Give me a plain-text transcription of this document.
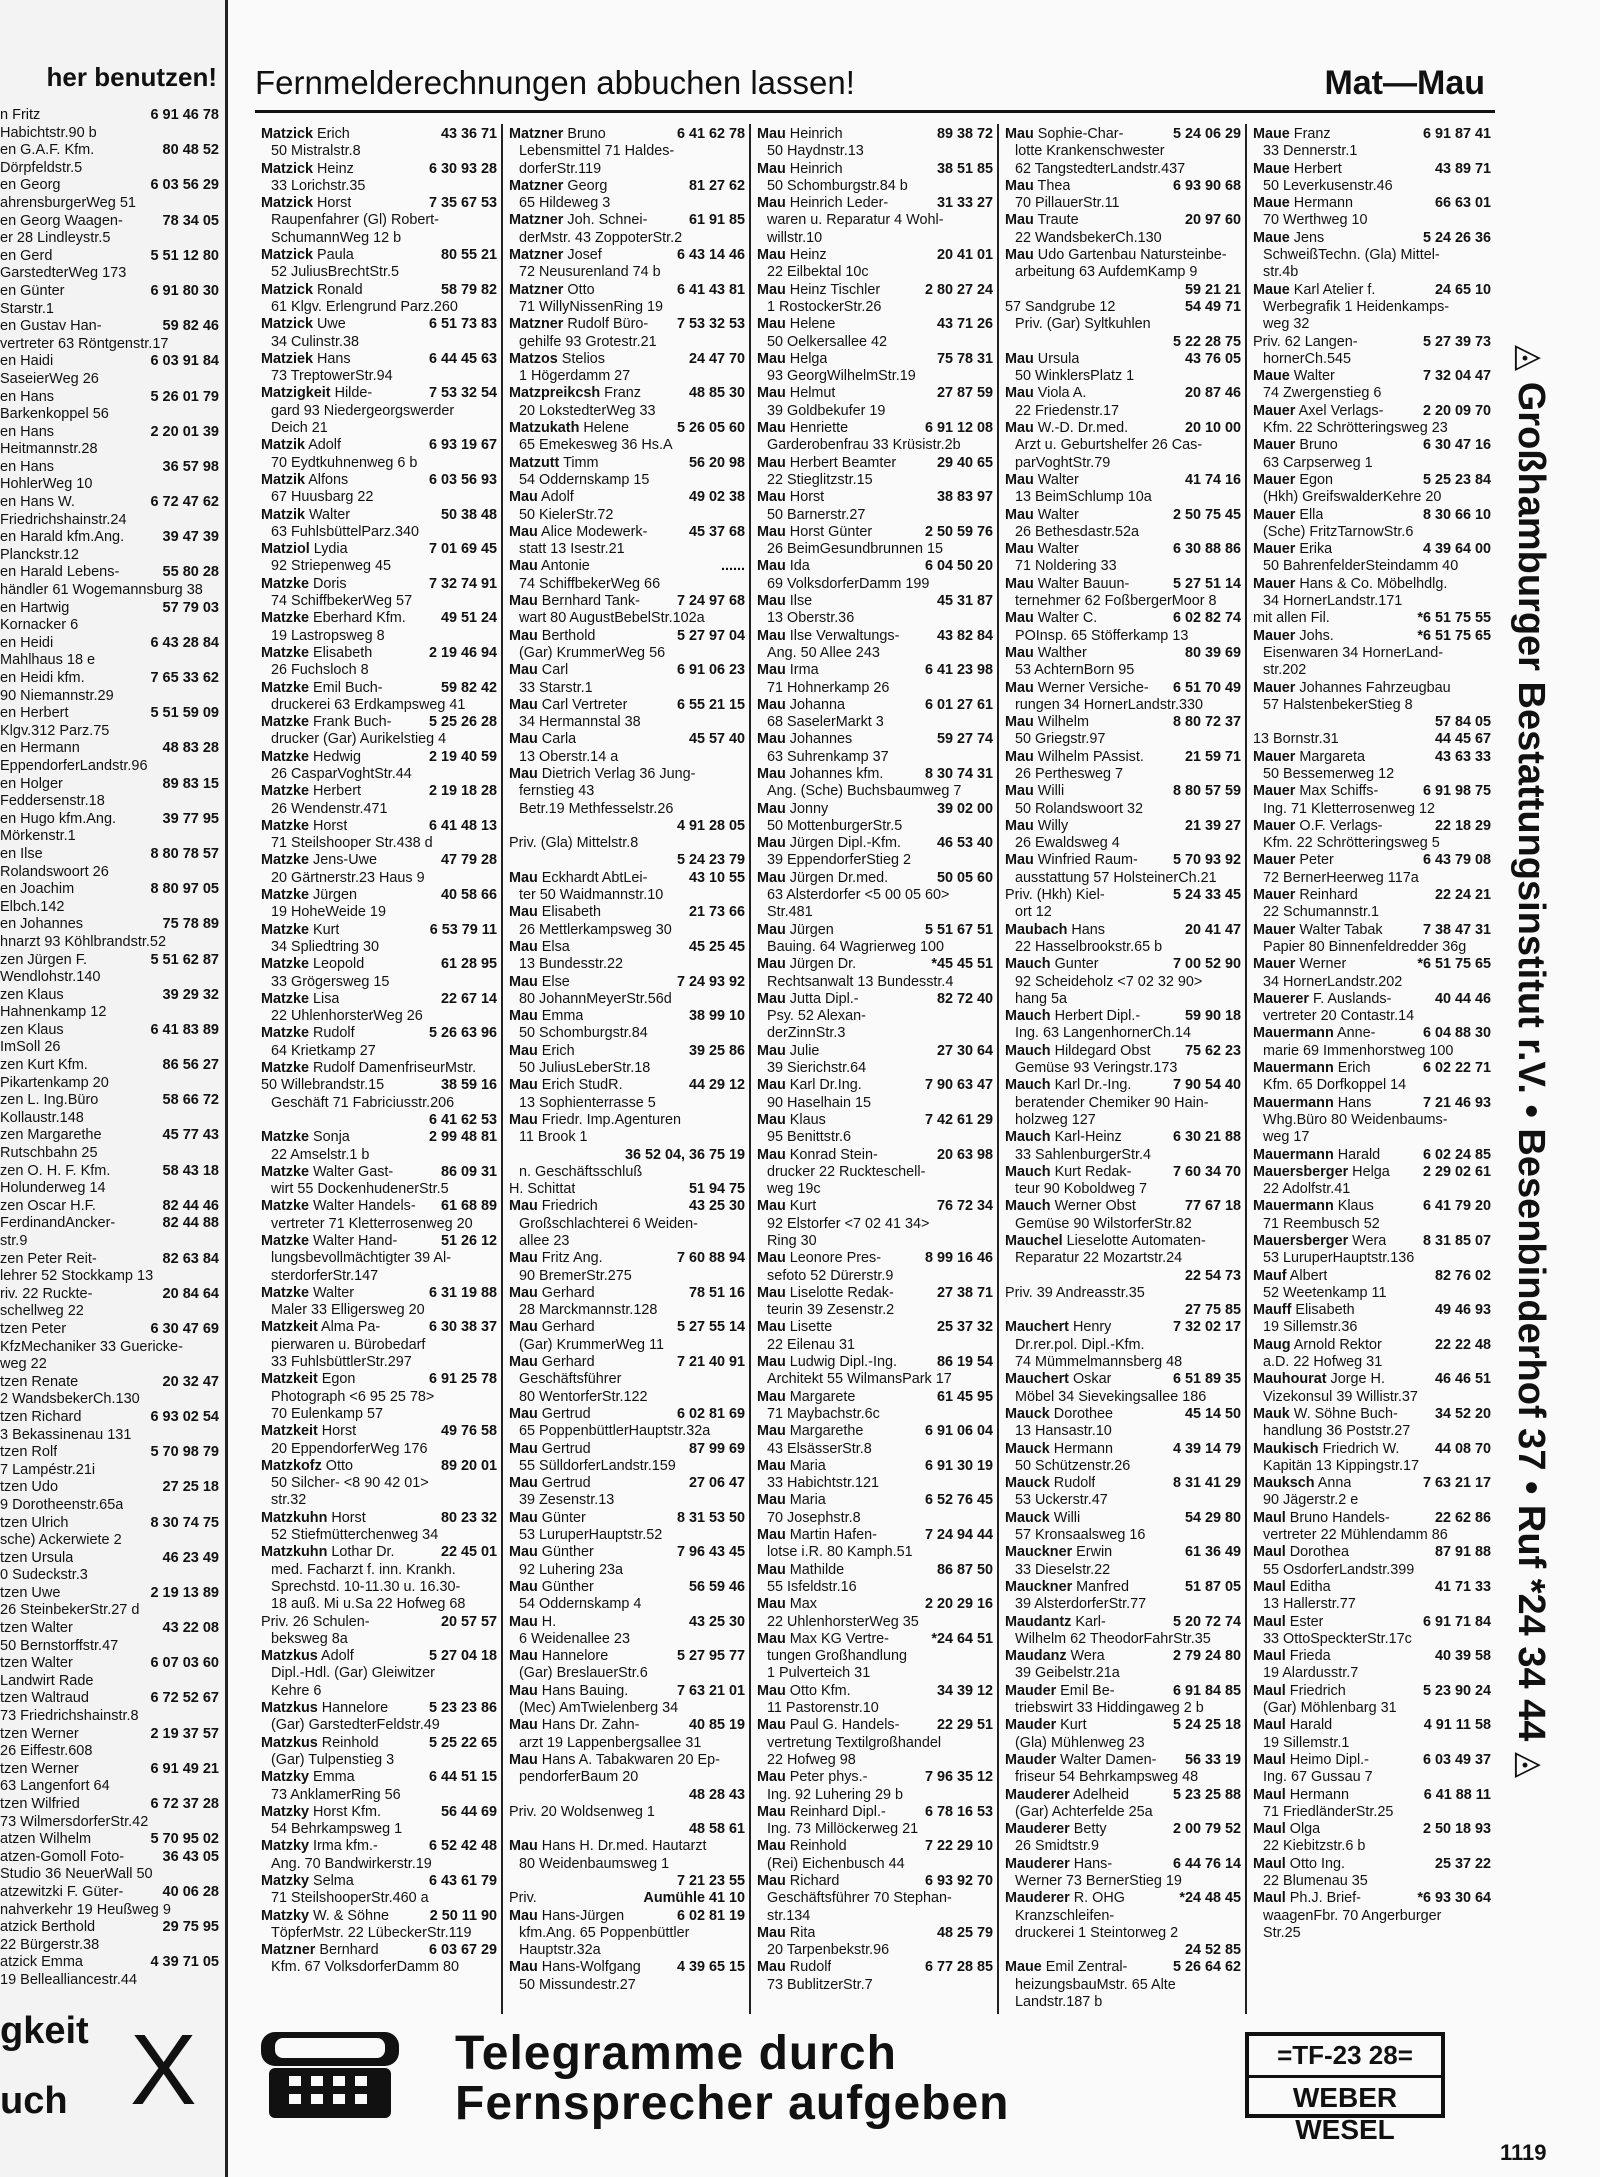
her benutzen!
n Fritz	6 91 46 78
Habichtstr.90 b
en G.A.F. Kfm.	80 48 52
Dörpfeldstr.5
en Georg	6 03 56 29
ahrensburgerWeg 51
en Georg Waagen-	78 34 05
er 28 Lindleystr.5
en Gerd	5 51 12 80
GarstedterWeg 173
en Günter	6 91 80 30
Starstr.1
en Gustav Han-	59 82 46
vertreter 63 Röntgenstr.17
en Haidi	6 03 91 84
SaseierWeg 26
en Hans	5 26 01 79
Barkenkoppel 56
en Hans	2 20 01 39
Heitmannstr.28
en Hans	36 57 98
HohlerWeg 10
en Hans W.	6 72 47 62
Friedrichshainstr.24
en Harald kfm.Ang.	39 47 39
Planckstr.12
en Harald Lebens-	55 80 28
händler 61 Wogemannsburg 38
en Hartwig	57 79 03
Kornacker 6
en Heidi	6 43 28 84
Mahlhaus 18 e
en Heidi kfm.	7 65 33 62
90 Niemannstr.29
en Herbert	5 51 59 09
Klgv.312 Parz.75
en Hermann	48 83 28
EppendorferLandstr.96
en Holger	89 83 15
Feddersenstr.18
en Hugo kfm.Ang.	39 77 95
Mörkenstr.1
en Ilse	8 80 78 57
Rolandswoort 26
en Joachim	8 80 97 05
Elbch.142
en Johannes	75 78 89
hnarzt 93 Köhlbrandstr.52
zen Jürgen F.	5 51 62 87
Wendlohstr.140
zen Klaus	39 29 32
Hahnenkamp 12
zen Klaus	6 41 83 89
ImSoll 26
zen Kurt Kfm.	86 56 27
Pikartenkamp 20
zen L. Ing.Büro	58 66 72
Kollaustr.148
zen Margarethe	45 77 43
Rutschbahn 25
zen O. H. F. Kfm.	58 43 18
Holunderweg 14
zen Oscar H.F.	82 44 46
FerdinandAncker-	82 44 88
str.9
zen Peter Reit-	82 63 84
lehrer 52 Stockkamp 13
riv. 22 Ruckte-	20 84 64
schellweg 22
tzen Peter	6 30 47 69
KfzMechaniker 33 Guericke-
weg 22
tzen Renate	20 32 47
2 WandsbekerCh.130
tzen Richard	6 93 02 54
3 Bekassinenau 131
tzen Rolf	5 70 98 79
7 Lampéstr.21i
tzen Udo	27 25 18
9 Dorotheenstr.65a
tzen Ulrich	8 30 74 75
sche) Ackerwiete 2
tzen Ursula	46 23 49
0 Sudeckstr.3
tzen Uwe	2 19 13 89
26 SteinbekerStr.27 d
tzen Walter	43 22 08
50 Bernstorffstr.47
tzen Walter	6 07 03 60
Landwirt Rade
tzen Waltraud	6 72 52 67
73 Friedrichshainstr.8
tzen Werner	2 19 37 57
26 Eiffestr.608
tzen Werner	6 91 49 21
63 Langenfort 64
tzen Wilfried	6 72 37 28
73 WilmersdorferStr.42
atzen Wilhelm	5 70 95 02
atzen-Gomoll Foto-	36 43 05
Studio 36 NeuerWall 50
atzewitzki F. Güter-	40 06 28
nahverkehr 19 Heußweg 9
atzick Berthold	29 75 95
22 Bürgerstr.38
atzick Emma	4 39 71 05
19 Bellealliancestr.44
gkeit
uch X
Fernmelderechnungen abbuchen lassen!	Mat—Mau
Matzick Erich	43 36 71
50 Mistralstr.8
Matzick Heinz	6 30 93 28
33 Lorichstr.35
Matzick Horst	7 35 67 53
Raupenfahrer (Gl) Robert-
SchumannWeg 12 b
Matzick Paula	80 55 21
52 JuliusBrechtStr.5
Matzick Ronald	58 79 82
61 Klgv. Erlengrund Parz.260
Matzick Uwe	6 51 73 83
34 Culinstr.38
Matziek Hans	6 44 45 63
73 TreptowerStr.94
Matzigkeit Hilde-	7 53 32 54
gard 93 Niedergeorgswerder
Deich 21
Matzik Adolf	6 93 19 67
70 Eydtkuhnenweg 6 b
Matzik Alfons	6 03 56 93
67 Huusbarg 22
Matzik Walter	50 38 48
63 FuhlsbüttelParz.340
Matziol Lydia	7 01 69 45
92 Striepenweg 45
Matzke Doris	7 32 74 91
74 SchiffbekerWeg 57
Matzke Eberhard Kfm. 49 51 24
19 Lastropsweg 8
Matzke Elisabeth	2 19 46 94
26 Fuchsloch 8
Matzke Emil Buch-	59 82 42
druckerei 63 Erdkampsweg 41
Matzke Frank Buch-	5 25 26 28
drucker (Gar) Aurikelstieg 4
Matzke Hedwig	2 19 40 59
26 CasparVoghtStr.44
Matzke Herbert	2 19 18 28
26 Wendenstr.471
Matzke Horst	6 41 48 13
71 Steilshooper Str.438 d
Matzke Jens-Uwe	47 79 28
20 Gärtnerstr.23 Haus 9
Matzke Jürgen	40 58 66
19 HoheWeide 19
Matzke Kurt	6 53 79 11
34 Spliedtring 30
Matzke Leopold	61 28 95
33 Grögersweg 15
Matzke Lisa	22 67 14
22 UhlenhorsterWeg 26
Matzke Rudolf	5 26 63 96
64 Krietkamp 27
Matzke Rudolf DamenfriseurMstr.
50 Willebrandstr.15	38 59 16
Geschäft 71 Fabriciusstr.206
6 41 62 53
Matzke Sonja	2 99 48 81
22 Amselstr.1 b
Matzke Walter Gast-	86 09 31
wirt 55 DockenhudenerStr.5
Matzke Walter Handels- 61 68 89
vertreter 71 Kletterrosenweg 20
Matzke Walter Hand-	51 26 12
lungsbevollmächtigter 39 Al-
sterdorferStr.147
Matzke Walter	6 31 19 88
Maler 33 Elligersweg 20
Matzkeit Alma Pa-	6 30 38 37
pierwaren u. Bürobedarf
33 FuhlsbüttlerStr.297
Matzkeit Egon	6 91 25 78
Photograph <6 95 25 78>
70 Eulenkamp 57
Matzkeit Horst	49 76 58
20 EppendorferWeg 176
Matzkofz Otto	89 20 01
50 Silcher- <8 90 42 01>
str.32
Matzkuhn Horst	80 23 32
52 Stiefmütterchenweg 34
Matzkuhn Lothar Dr.	22 45 01
med. Facharzt f. inn. Krankh.
Sprechstd. 10-11.30 u. 16.30-
18 auß. Mi u.Sa 22 Hofweg 68
Priv. 26 Schulen-	20 57 57
beksweg 8a
Matzkus Adolf	5 27 04 18
Dipl.-Hdl. (Gar) Gleiwitzer
Kehre 6
Matzkus Hannelore	5 23 23 86
(Gar) GarstedterFeldstr.49
Matzkus Reinhold	5 25 22 65
(Gar) Tulpenstieg 3
Matzky Emma	6 44 51 15
73 AnklamerRing 56
Matzky Horst Kfm.	56 44 69
54 Behrkampsweg 1
Matzky Irma kfm.-	6 52 42 48
Ang. 70 Bandwirkerstr.19
Matzky Selma	6 43 61 79
71 SteilshooperStr.460 a
Matzky W. & Söhne	2 50 11 90
TöpferMstr. 22 LübeckerStr.119
Matzner Bernhard	6 03 67 29
Kfm. 67 VolksdorferDamm 80
Matzner Bruno	6 41 62 78
Lebensmittel 71 Haldes-
dorferStr.119
Matzner Georg	81 27 62
65 Hildeweg 3
Matzner Joh. Schnei-	61 91 85
derMstr. 43 ZoppoterStr.2
Matzner Josef	6 43 14 46
72 Neusurenland 74 b
Matzner Otto	6 41 43 81
71 WillyNissenRing 19
Matzner Rudolf Büro- 7 53 32 53
gehilfe 93 Grotestr.21
Matzos Stelios	24 47 70
1 Högerdamm 27
Matzpreikcsh Franz	48 85 30
20 LokstedterWeg 33
Matzukath Helene	5 26 05 60
65 Emekesweg 36 Hs.A
Matzutt Timm	56 20 98
54 Oddernskamp 15
Mau Adolf	49 02 38
50 KielerStr.72
Mau Alice Modewerk-	45 37 68
statt 13 Isestr.21
Mau Antonie	......
74 SchiffbekerWeg 66
Mau Bernhard Tank-	7 24 97 68
wart 80 AugustBebelStr.102a
Mau Berthold	5 27 97 04
(Gar) KrummerWeg 56
Mau Carl	6 91 06 23
33 Starstr.1
Mau Carl Vertreter	6 55 21 15
34 Hermannstal 38
Mau Carla	45 57 40
13 Oberstr.14 a
Mau Dietrich Verlag 36 Jung-
fernstieg 43
Betr.19 Methfesselstr.26
4 91 28 05
Priv. (Gla) Mittelstr.8
5 24 23 79
Mau Eckhardt AbtLei-	43 10 55
ter 50 Waidmannstr.10
Mau Elisabeth	21 73 66
26 Mettlerkampsweg 30
Mau Elsa	45 25 45
13 Bundesstr.22
Mau Else	7 24 93 92
80 JohannMeyerStr.56d
Mau Emma	38 99 10
50 Schomburgstr.84
Mau Erich	39 25 86
50 JuliusLeberStr.18
Mau Erich StudR.	44 29 12
13 Sophienterrasse 5
Mau Friedr. Imp.Agenturen
11 Brook 1
36 52 04, 36 75 19
n. Geschäftsschluß
H. Schittat	51 94 75
Mau Friedrich	43 25 30
Großschlachterei 6 Weiden-
allee 23
Mau Fritz Ang.	7 60 88 94
90 BremerStr.275
Mau Gerhard	78 51 16
28 Marckmannstr.128
Mau Gerhard	5 27 55 14
(Gar) KrummerWeg 11
Mau Gerhard	7 21 40 91
Geschäftsführer
80 WentorferStr.122
Mau Gertrud	6 02 81 69
65 PoppenbüttlerHauptstr.32a
Mau Gertrud	87 99 69
55 SülldorferLandstr.159
Mau Gertrud	27 06 47
39 Zesenstr.13
Mau Günter	8 31 53 50
53 LuruperHauptstr.52
Mau Günther	7 96 43 45
92 Luhering 23a
Mau Günther	56 59 46
54 Oddernskamp 4
Mau H.	43 25 30
6 Weidenallee 23
Mau Hannelore	5 27 95 77
(Gar) BreslauerStr.6
Mau Hans Bauing.	7 63 21 01
(Mec) AmTwielenberg 34
Mau Hans Dr. Zahn-	40 85 19
arzt 19 Lappenbergsallee 31
Mau Hans A. Tabakwaren 20 Ep-
pendorferBaum 20
48 28 43
Priv. 20 Woldsenweg 1
48 58 61
Mau Hans H. Dr.med. Hautarzt
80 Weidenbaumsweg 1
7 21 23 55
Priv.	Aumühle 41 10
Mau Hans-Jürgen	6 02 81 19
kfm.Ang. 65 Poppenbüttler
Hauptstr.32a
Mau Hans-Wolfgang	4 39 65 15
50 Missundestr.27
Mau Heinrich	89 38 72
50 Haydnstr.13
Mau Heinrich	38 51 85
50 Schomburgstr.84 b
Mau Heinrich Leder-	31 33 27
waren u. Reparatur 4 Wohl-
willstr.10
Mau Heinz	20 41 01
22 Eilbektal 10c
Mau Heinz Tischler	2 80 27 24
1 RostockerStr.26
Mau Helene	43 71 26
50 Oelkersallee 42
Mau Helga	75 78 31
93 GeorgWilhelmStr.19
Mau Helmut	27 87 59
39 Goldbekufer 19
Mau Henriette	6 91 12 08
Garderobenfrau 33 Krüsistr.2b
Mau Herbert Beamter	29 40 65
22 Stieglitzstr.15
Mau Horst	38 83 97
50 Barnerstr.27
Mau Horst Günter	2 50 59 76
26 BeimGesundbrunnen 15
Mau Ida	6 04 50 20
69 VolksdorferDamm 199
Mau Ilse	45 31 87
13 Oberstr.36
Mau Ilse Verwaltungs-	43 82 84
Ang. 50 Allee 243
Mau Irma	6 41 23 98
71 Hohnerkamp 26
Mau Johanna	6 01 27 61
68 SaselerMarkt 3
Mau Johannes	59 27 74
63 Suhrenkamp 37
Mau Johannes kfm.	8 30 74 31
Ang. (Sche) Buchsbaumweg 7
Mau Jonny	39 02 00
50 MottenburgerStr.5
Mau Jürgen Dipl.-Kfm.	46 53 40
39 EppendorferStieg 2
Mau Jürgen Dr.med.	50 05 60
63 Alsterdorfer <5 00 05 60>
Str.481
Mau Jürgen	5 51 67 51
Bauing. 64 Wagrierweg 100
Mau Jürgen Dr.	*45 45 51
Rechtsanwalt 13 Bundesstr.4
Mau Jutta Dipl.-	82 72 40
Psy. 52 Alexan-
derZinnStr.3
Mau Julie	27 30 64
39 Sierichstr.64
Mau Karl Dr.Ing.	7 90 63 47
90 Haselhain 15
Mau Klaus	7 42 61 29
95 Benittstr.6
Mau Konrad Stein-	20 63 98
drucker 22 Ruckteschell-
weg 19c
Mau Kurt	76 72 34
92 Elstorfer <7 02 41 34>
Ring 30
Mau Leonore Pres-	8 99 16 46
sefoto 52 Dürerstr.9
Mau Liselotte Redak-	27 38 71
teurin 39 Zesenstr.2
Mau Lisette	25 37 32
22 Eilenau 31
Mau Ludwig Dipl.-Ing.	86 19 54
Architekt 55 WilmansPark 17
Mau Margarete	61 45 95
71 Maybachstr.6c
Mau Margarethe	6 91 06 04
43 ElsässerStr.8
Mau Maria	6 91 30 19
33 Habichtstr.121
Mau Maria	6 52 76 45
70 Josephstr.8
Mau Martin Hafen-	7 24 94 44
lotse i.R. 80 Kamph.51
Mau Mathilde	86 87 50
55 Isfeldstr.16
Mau Max	2 20 29 16
22 UhlenhorsterWeg 35
Mau Max KG Vertre-	*24 64 51
tungen Großhandlung
1 Pulverteich 31
Mau Otto Kfm.	34 39 12
11 Pastorenstr.10
Mau Paul G. Handels-	22 29 51
vertretung Textilgroßhandel
22 Hofweg 98
Mau Peter phys.-	7 96 35 12
Ing. 92 Luhering 29 b
Mau Reinhard Dipl.-	6 78 16 53
Ing. 73 Millöckerweg 21
Mau Reinhold	7 22 29 10
(Rei) Eichenbusch 44
Mau Richard	6 93 92 70
Geschäftsführer 70 Stephan-
str.134
Mau Rita	48 25 79
20 Tarpenbekstr.96
Mau Rudolf	6 77 28 85
73 BublitzerStr.7
Mau Sophie-Char-	5 24 06 29
lotte Krankenschwester
62 TangstedterLandstr.437
Mau Thea	6 93 90 68
70 PillauerStr.11
Mau Traute	20 97 60
22 WandsbekerCh.130
Mau Udo Gartenbau Natursteinbe-
arbeitung 63 AufdemKamp 9
59 21 21
57 Sandgrube 12	54 49 71
Priv. (Gar) Syltkuhlen
5 22 28 75
Mau Ursula	43 76 05
50 WinklersPlatz 1
Mau Viola A.	20 87 46
22 Friedenstr.17
Mau W.-D. Dr.med.	20 10 00
Arzt u. Geburtshelfer 26 Cas-
parVoghtStr.79
Mau Walter	41 74 16
13 BeimSchlump 10a
Mau Walter	2 50 75 45
26 Bethesdastr.52a
Mau Walter	6 30 88 86
71 Noldering 33
Mau Walter Bauun-	5 27 51 14
ternehmer 62 FoßbergerMoor 8
Mau Walter C.	6 02 82 74
POInsp. 65 Stöfferkamp 13
Mau Walther	80 39 69
53 AchternBorn 95
Mau Werner Versiche- 6 51 70 49
rungen 34 HornerLandstr.330
Mau Wilhelm	8 80 72 37
50 Griegstr.97
Mau Wilhelm PAssist.	21 59 71
26 Perthesweg 7
Mau Willi	8 80 57 59
50 Rolandswoort 32
Mau Willy	21 39 27
26 Ewaldsweg 4
Mau Winfried Raum- 5 70 93 92
ausstattung 57 HolsteinerCh.21
Priv. (Hkh) Kiel-	5 24 33 45
ort 12
Maubach Hans	20 41 47
22 Hasselbrookstr.65 b
Mauch Gunter	7 00 52 90
92 Scheideholz <7 02 32 90>
hang 5a
Mauch Herbert Dipl.-	59 90 18
Ing. 63 LangenhornerCh.14
Mauch Hildegard Obst 75 62 23
Gemüse 93 Veringstr.173
Mauch Karl Dr.-Ing.	7 90 54 40
beratender Chemiker 90 Hain-
holzweg 127
Mauch Karl-Heinz	6 30 21 88
33 SahlenburgerStr.4
Mauch Kurt Redak-	7 60 34 70
teur 90 Koboldweg 7
Mauch Werner Obst	77 67 18
Gemüse 90 WilstorferStr.82
Mauchel Lieselotte Automaten-
Reparatur 22 Mozartstr.24
22 54 73
Priv. 39 Andreasstr.35
27 75 85
Mauchert Henry	7 32 02 17
Dr.rer.pol. Dipl.-Kfm.
74 Mümmelmannsberg 48
Mauchert Oskar	6 51 89 35
Möbel 34 Sievekingsallee 186
Mauck Dorothee	45 14 50
13 Hansastr.10
Mauck Hermann	4 39 14 79
50 Schützenstr.26
Mauck Rudolf	8 31 41 29
53 Uckerstr.47
Mauck Willi	54 29 80
57 Kronsaalsweg 16
Mauckner Erwin	61 36 49
33 Dieselstr.22
Mauckner Manfred	51 87 05
39 AlsterdorferStr.77
Maudantz Karl-	5 20 72 74
Wilhelm 62 TheodorFahrStr.35
Maudanz Wera	2 79 24 80
39 Geibelstr.21a
Mauder Emil Be-	6 91 84 85
triebswirt 33 Hiddingaweg 2 b
Mauder Kurt	5 24 25 18
(Gla) Mühlenweg 23
Mauder Walter Damen- 56 33 19
friseur 54 Behrkampsweg 48
Mauderer Adelheid	5 23 25 88
(Gar) Achterfelde 25a
Mauderer Betty	2 00 79 52
26 Smidtstr.9
Mauderer Hans-	6 44 76 14
Werner 73 BernerStieg 19
Mauderer R. OHG	*24 48 45
Kranzschleifen-
druckerei 1 Steintorweg 2
24 52 85
Maue Emil Zentral-	5 26 64 62
heizungsbauMstr. 65 Alte
Landstr.187 b
Maue Franz	6 91 87 41
33 Dennerstr.1
Maue Herbert	43 89 71
50 Leverkusenstr.46
Maue Hermann	66 63 01
70 Werthweg 10
Maue Jens	5 24 26 36
SchweißTechn. (Gla) Mittel-
str.4b
Maue Karl Atelier f.	24 65 10
Werbegrafik 1 Heidenkamps-
weg 32
Priv. 62 Langen-	5 27 39 73
hornerCh.545
Maue Walter	7 32 04 47
74 Zwergenstieg 6
Mauer Axel Verlags-	2 20 09 70
Kfm. 22 Schrötteringsweg 23
Mauer Bruno	6 30 47 16
63 Carpserweg 1
Mauer Egon	5 25 23 84
(Hkh) GreifswalderKehre 20
Mauer Ella	8 30 66 10
(Sche) FritzTarnowStr.6
Mauer Erika	4 39 64 00
50 BahrenfelderSteindamm 40
Mauer Hans & Co. Möbelhdlg.
34 HornerLandstr.171
mit allen Fil.	*6 51 75 55
Mauer Johs.	*6 51 75 65
Eisenwaren 34 HornerLand-
str.202
Mauer Johannes Fahrzeugbau
57 HalstenbekerStieg 8
57 84 05
13 Bornstr.31	44 45 67
Mauer Margareta	43 63 33
50 Bessemerweg 12
Mauer Max Schiffs-	6 91 98 75
Ing. 71 Kletterrosenweg 12
Mauer O.F. Verlags-	22 18 29
Kfm. 22 Schrötteringsweg 5
Mauer Peter	6 43 79 08
72 BernerHeerweg 117a
Mauer Reinhard	22 24 21
22 Schumannstr.1
Mauer Walter Tabak	7 38 47 31
Papier 80 Binnenfeldredder 36g
Mauer Werner	*6 51 75 65
34 HornerLandstr.202
Mauerer F. Auslands-	40 44 46
vertreter 20 Contastr.14
Mauermann Anne-	6 04 88 30
marie 69 Immenhorstweg 100
Mauermann Erich	6 02 22 71
Kfm. 65 Dorfkoppel 14
Mauermann Hans	7 21 46 93
Whg.Büro 80 Weidenbaums-
weg 17
Mauermann Harald	6 02 24 85
Mauersberger Helga 2 29 02 61
22 Adolfstr.41
Mauermann Klaus	6 41 79 20
71 Reembusch 52
Mauersberger Wera	8 31 85 07
53 LuruperHauptstr.136
Mauf Albert	82 76 02
52 Weetenkamp 11
Mauff Elisabeth	49 46 93
19 Sillemstr.36
Maug Arnold Rektor	22 22 48
a.D. 22 Hofweg 31
Mauhourat Jorge H.	46 46 51
Vizekonsul 39 Willistr.37
Mauk W. Söhne Buch-	34 52 20
handlung 36 Poststr.27
Maukisch Friedrich W. 44 08 70
Kapitän 13 Kippingstr.17
Mauksch Anna	7 63 21 17
90 Jägerstr.2 e
Maul Bruno Handels-	22 62 86
vertreter 22 Mühlendamm 86
Maul Dorothea	87 91 88
55 OsdorferLandstr.399
Maul Editha	41 71 33
13 Hallerstr.77
Maul Ester	6 91 71 84
33 OttoSpeckterStr.17c
Maul Frieda	40 39 58
19 Alardusstr.7
Maul Friedrich	5 23 90 24
(Gar) Möhlenbarg 31
Maul Harald	4 91 11 58
19 Sillemstr.1
Maul Heimo Dipl.-	6 03 49 37
Ing. 67 Gussau 7
Maul Hermann	6 41 88 11
71 FriedländerStr.25
Maul Olga	2 50 18 93
22 Kiebitzstr.6 b
Maul Otto Ing.	25 37 22
22 Blumenau 35
Maul Ph.J. Brief-	*6 93 30 64
waagenFbr. 70 Angerburger
Str.25
◬ Großhamburger Bestattungsinstitut r.V. • Besenbinderhof 37 • Ruf *24 34 44 ◬
Telegramme durch
Fernsprecher aufgeben
=TF-23 28=
WEBER WESEL
1119
